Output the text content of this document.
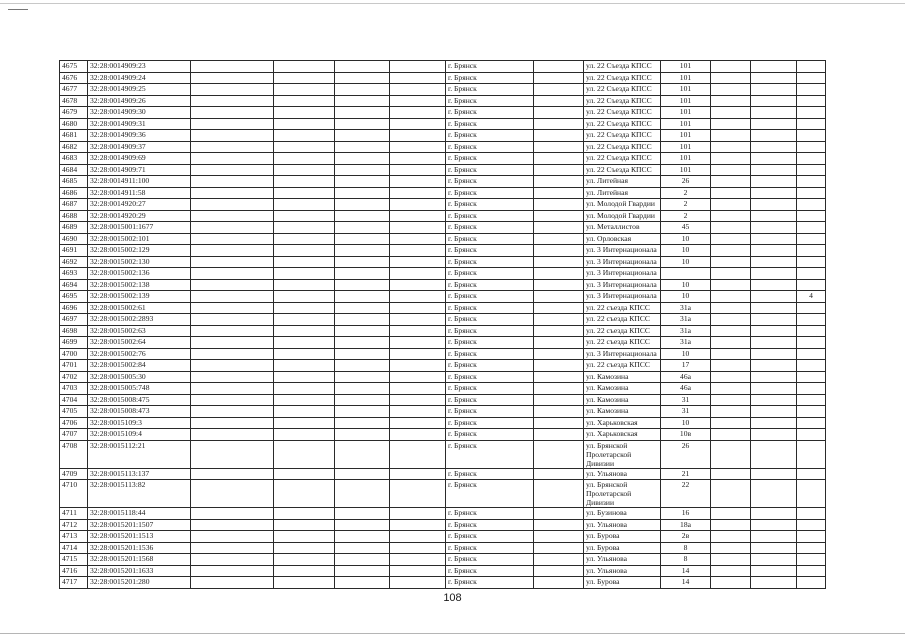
4675	32:28:0014909:23					г. Брянск		ул. 22 Съезда КПСС	101			
4676	32:28:0014909:24					г. Брянск		ул. 22 Съезда КПСС	101			
4677	32:28:0014909:25					г. Брянск		ул. 22 Съезда КПСС	101			
4678	32:28:0014909:26					г. Брянск		ул. 22 Съезда КПСС	101			
4679	32:28:0014909:30					г. Брянск		ул. 22 Съезда КПСС	101			
4680	32:28:0014909:31					г. Брянск		ул. 22 Съезда КПСС	101			
4681	32:28:0014909:36					г. Брянск		ул. 22 Съезда КПСС	101			
4682	32:28:0014909:37					г. Брянск		ул. 22 Съезда КПСС	101			
4683	32:28:0014909:69					г. Брянск		ул. 22 Съезда КПСС	101			
4684	32:28:0014909:71					г. Брянск		ул. 22 Съезда КПСС	101			
4685	32:28:0014911:100					г. Брянск		ул. Литейная	26			
4686	32:28:0014911:58					г. Брянск		ул. Литейная	2			
4687	32:28:0014920:27					г. Брянск		ул. Молодой Гвардии	2			
4688	32:28:0014920:29					г. Брянск		ул. Молодой Гвардии	2			
4689	32:28:0015001:1677					г. Брянск		ул. Металлистов	45			
4690	32:28:0015002:101					г. Брянск		ул. Орловская	10			
4691	32:28:0015002:129					г. Брянск		ул. 3 Интернационала	10			
4692	32:28:0015002:130					г. Брянск		ул. 3 Интернационала	10			
4693	32:28:0015002:136					г. Брянск		ул. 3 Интернационала				
4694	32:28:0015002:138					г. Брянск		ул. 3 Интернационала	10			
4695	32:28:0015002:139					г. Брянск		ул. 3 Интернационала	10			4
4696	32:28:0015002:61					г. Брянск		ул. 22 съезда КПСС	31а			
4697	32:28:0015002:2893					г. Брянск		ул. 22 съезда КПСС	31а			
4698	32:28:0015002:63					г. Брянск		ул. 22 съезда КПСС	31а			
4699	32:28:0015002:64					г. Брянск		ул. 22 съезда КПСС	31а			
4700	32:28:0015002:76					г. Брянск		ул. 3 Интернационала	10			
4701	32:28:0015002:84					г. Брянск		ул. 22 съезда КПСС	17			
4702	32:28:0015005:30					г. Брянск		ул. Камозина	46а			
4703	32:28:0015005:748					г. Брянск		ул. Камозина	46а			
4704	32:28:0015008:475					г. Брянск		ул. Камозина	31			
4705	32:28:0015008:473					г. Брянск		ул. Камозина	31			
4706	32:28:0015109:3					г. Брянск		ул. Харьковская	10			
4707	32:28:0015109:4					г. Брянск		ул. Харьковская	10в			
4708	32:28:0015112:21					г. Брянск		ул. Брянской Пролетарской Дивизии	26			
4709	32:28:0015113:137					г. Брянск		ул. Ульянова	21			
4710	32:28:0015113:82					г. Брянск		ул. Брянской Пролетарской Дивизии	22			
4711	32:28:0015118:44					г. Брянск		ул. Бузинова	16			
4712	32:28:0015201:1507					г. Брянск		ул. Ульянова	18а			
4713	32:28:0015201:1513					г. Брянск		ул. Бурова	2в			
4714	32:28:0015201:1536					г. Брянск		ул. Бурова	8			
4715	32:28:0015201:1568					г. Брянск		ул. Ульянова	8			
4716	32:28:0015201:1633					г. Брянск		ул. Ульянова	14			
4717	32:28:0015201:280					г. Брянск		ул. Бурова	14			
108
